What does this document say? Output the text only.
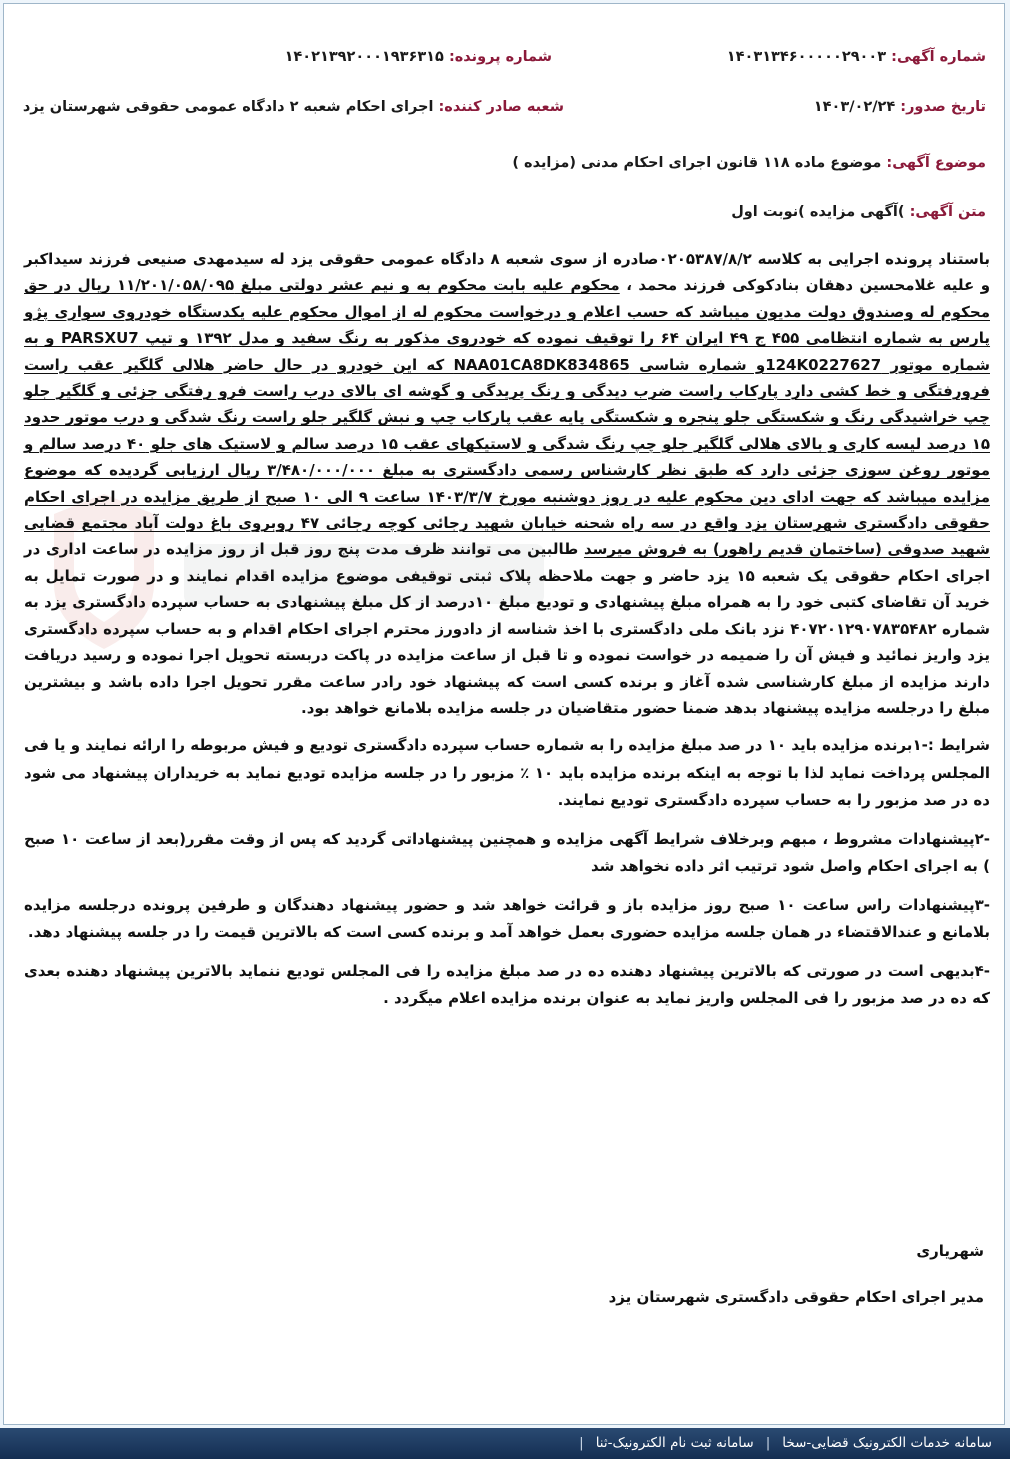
شماره آگهی: ۱۴۰۳۱۳۴۶۰۰۰۰۰۲۹۰۰۳
شماره پرونده: ۱۴۰۲۱۳۹۲۰۰۰۱۹۳۶۳۱۵
تاریخ صدور: ۱۴۰۳/۰۲/۲۴
شعبه صادر کننده: اجرای احکام شعبه ۲ دادگاه عمومی حقوقی شهرستان یزد
موضوع آگهی: موضوع ماده ۱۱۸ قانون اجرای احکام مدنی (مزایده )
متن آگهی: )آگهی مزایده )نوبت اول

باستناد پرونده اجرایی به کلاسه ۰۲۰۵۳۸۷/۸/۲صادره از سوی شعبه ۸ دادگاه عمومی حقوقی یزد له سیدمهدی صنیعی فرزند سیداکبر و علیه غلامحسین دهقان بنادکوکی فرزند محمد ، محکوم علیه بابت محکوم به و نیم عشر دولتی مبلغ ۱۱/۲۰۱/۰۵۸/۰۹۵ ریال در حق محکوم له وصندوق دولت مدیون میباشد که حسب اعلام و درخواست محکوم له از اموال محکوم علیه یکدستگاه خودروی سواری پژو پارس به شماره انتظامی ۴۵۵ ج ۴۹ ایران ۶۴ را توقیف نموده که خودروی مذکور به رنگ سفید و مدل ۱۳۹۲ و تیپ PARSXU7 و به شماره موتور 124K0227627و شماره شاسی NAA01CA8DK834865 که این خودرو در حال حاضر هلالی گلگیر عقب راست فرورفتگی و خط کشی دارد پارکاب راست ضرب دیدگی و رنگ پریدگی و گوشه ای بالای درب راست فرو رفتگی جزئی و گلگیر جلو چپ خراشیدگی رنگ و شکستگی جلو پنجره و شکستگی پایه عقب پارکاب چپ و نبش گلگیر جلو راست رنگ شدگی و درب موتور حدود ۱۵ درصد لیسه کاری و بالای هلالی گلگیر جلو چپ رنگ شدگی و لاستیکهای عقب ۱۵ درصد سالم و لاستیک های جلو ۴۰ درصد سالم و موتور روغن سوزی جزئی دارد که طبق نظر کارشناس رسمی دادگستری به مبلغ ۳/۴۸۰/۰۰۰/۰۰۰ ریال ارزیابی گردیده که موضوع مزایده میباشد که جهت ادای دین محکوم علیه در روز دوشنبه مورخ ۱۴۰۳/۳/۷ ساعت ۹ الی ۱۰ صبح از طریق مزایده در اجرای احکام حقوقی دادگستری شهرستان یزد واقع در سه راه شحنه خیابان شهید رجائی کوچه رجائی ۴۷ روبروی باغ دولت آباد مجتمع قضایی شهید صدوقی (ساختمان قدیم راهور) به فروش میرسد طالبین می توانند ظرف مدت پنج روز قبل از روز مزایده در ساعت اداری در اجرای احکام حقوقی یک شعبه ۱۵ یزد حاضر و جهت ملاحظه پلاک ثبتی توقیفی موضوع مزایده اقدام نمایند و در صورت تمایل به خرید آن تقاضای کتبی خود را به همراه مبلغ پیشنهادی و تودیع مبلغ ۱۰درصد از کل مبلغ پیشنهادی به حساب سپرده دادگستری یزد به شماره ۴۰۷۲۰۱۲۹۰۷۸۳۵۴۸۲ نزد بانک ملی دادگستری با اخذ شناسه از دادورز محترم اجرای احکام اقدام و به حساب سپرده دادگستری یزد واریز نمائید و فیش آن را ضمیمه در خواست نموده و تا قبل از ساعت مزایده در پاکت دربسته تحویل اجرا نموده و رسید دریافت دارند مزایده از مبلغ کارشناسی شده آغاز و برنده کسی است که پیشنهاد خود رادر ساعت مقرر تحویل اجرا داده باشد و بیشترین مبلغ را درجلسه مزایده پیشنهاد بدهد ضمنا حضور متقاضیان در جلسه مزایده بلامانع خواهد بود.

شرایط :-۱برنده مزایده باید ۱۰ در صد مبلغ مزایده را به شماره حساب سپرده دادگستری تودیع و فیش مربوطه را ارائه نمایند و یا فی المجلس پرداخت نماید لذا با توجه به اینکه برنده مزایده باید ۱۰ ٪ مزبور را در جلسه مزایده تودیع نماید به خریداران پیشنهاد می شود ده در صد مزبور را به حساب سپرده دادگستری تودیع نمایند.

-۲پیشنهادات مشروط ، مبهم وبرخلاف شرایط آگهی مزایده و همچنین پیشنهاداتی گردید که پس از وقت مقرر(بعد از ساعت ۱۰ صبح ) به اجرای احکام واصل شود ترتیب اثر داده نخواهد شد

-۳پیشنهادات راس ساعت ۱۰ صبح روز مزایده باز و قرائت خواهد شد و حضور پیشنهاد دهندگان و طرفین پرونده درجلسه مزایده بلامانع و عندالاقتضاء در همان جلسه مزایده حضوری بعمل خواهد آمد و برنده کسی است که بالاترین قیمت را در جلسه پیشنهاد دهد.

-۴بدیهی است در صورتی که بالاترین پیشنهاد دهنده ده در صد مبلغ مزایده را فی المجلس تودیع ننماید بالاترین پیشنهاد دهنده بعدی که ده در صد مزبور را فی المجلس واریز نماید به عنوان برنده مزایده اعلام میگردد .

شهریاری
مدیر اجرای احکام حقوقی دادگستری شهرستان یزد
سامانه خدمات الکترونیک قضایی-سخا|سامانه ثبت نام الکترونیک-ثنا|
